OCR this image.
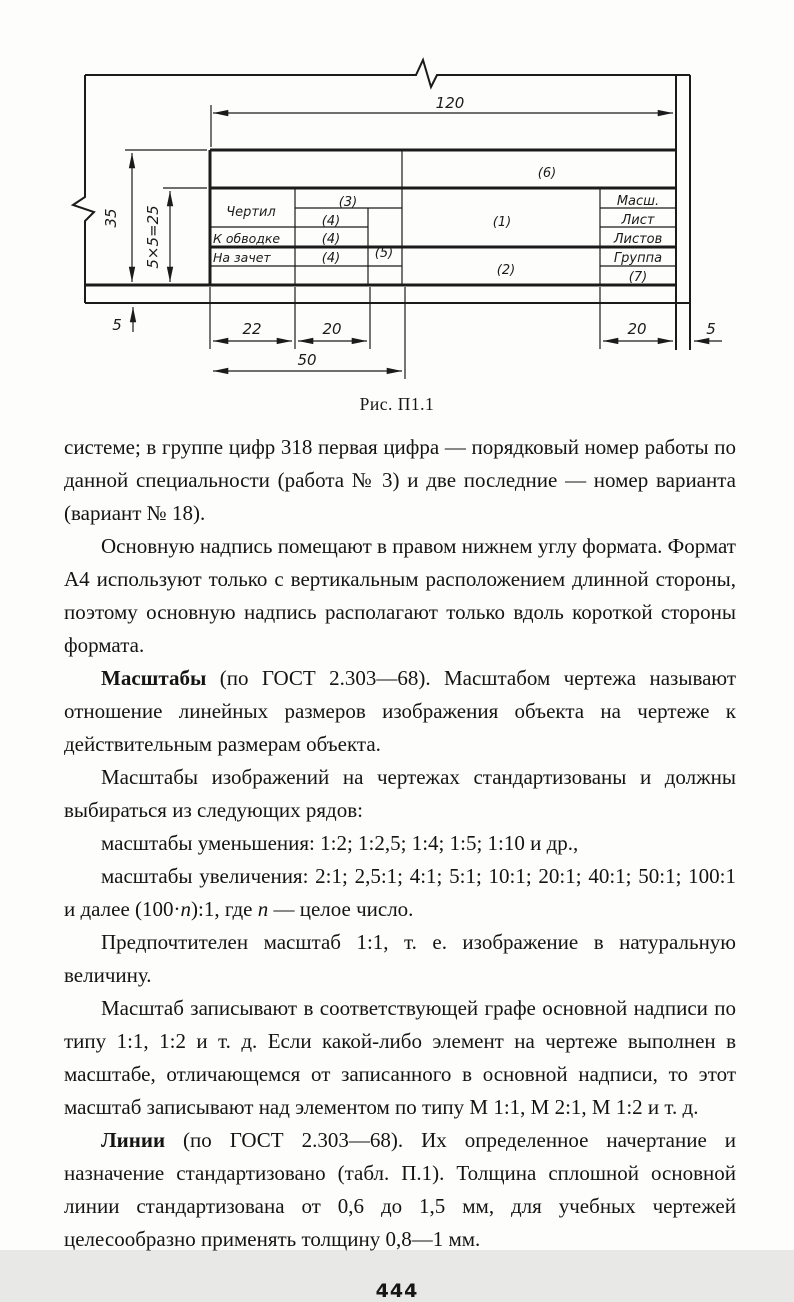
120
35 5×5=25
5	22	20
50
20	5
Чертил
(3)
(4)
К обводке	(4)
На зачет	(4)	(5)
(1)
(2)
(6)
Масш.
Лист
Листов
Группа
(7)

Рис. П1.1

системе; в группе цифр 318 первая цифра — порядковый номер работы по данной специальности (работа № 3) и две последние — номер варианта (вариант № 18).

Основную надпись помещают в правом нижнем углу формата. Формат А4 используют только с вертикальным расположением длинной стороны, поэтому основную надпись располагают только вдоль короткой стороны формата.

Масштабы (по ГОСТ 2.303—68). Масштабом чертежа называют отношение линейных размеров изображения объекта на чертеже к действительным размерам объекта.

Масштабы изображений на чертежах стандартизованы и должны выбираться из следующих рядов:

масштабы уменьшения: 1:2; 1:2,5; 1:4; 1:5; 1:10 и др.,

масштабы увеличения: 2:1; 2,5:1; 4:1; 5:1; 10:1; 20:1; 40:1; 50:1; 100:1 и далее (100·n):1, где n — целое число.

Предпочтителен масштаб 1:1, т. е. изображение в натуральную величину.

Масштаб записывают в соответствующей графе основной надписи по типу 1:1, 1:2 и т. д. Если какой-либо элемент на чертеже выполнен в масштабе, отличающемся от записанного в основной надписи, то этот масштаб записывают над элементом по типу М 1:1, М 2:1, М 1:2 и т. д.

Линии (по ГОСТ 2.303—68). Их определенное начертание и назначение стандартизовано (табл. П.1). Толщина сплошной основной линии стандартизована от 0,6 до 1,5 мм, для учебных чертежей целесообразно применять толщину 0,8—1 мм.

444
